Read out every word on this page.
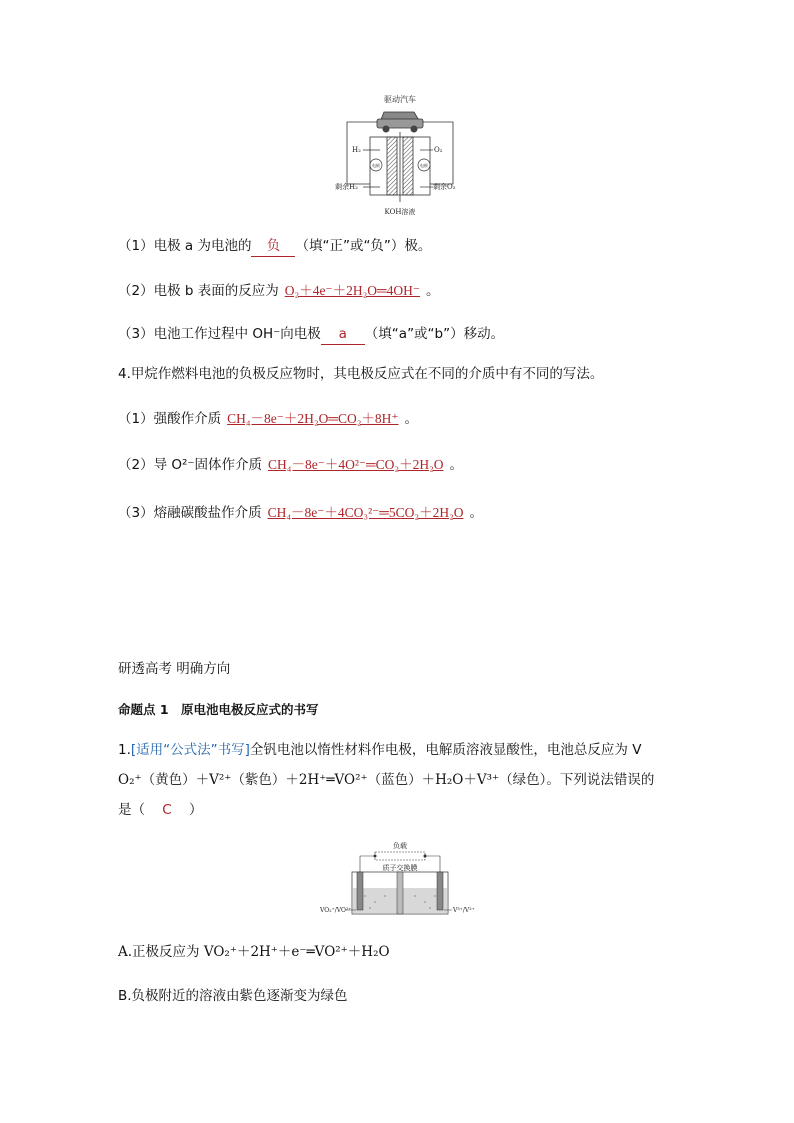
驱动汽车
电极	电极
H₂	O₂
剩余H₂	剩余O₂
KOH溶液
（1）电极 a 为电池的 负 （填“正”或“负”）极。
（2）电极 b 表面的反应为 O₂＋4e⁻＋2H₂O═4OH⁻ 。
（3）电池工作过程中 OH⁻向电极 a （填“a”或“b”）移动。
4.甲烷作燃料电池的负极反应物时，其电极反应式在不同的介质中有不同的写法。
（1）强酸作介质 CH₄－8e⁻＋2H₂O═CO₂＋8H⁺ 。
（2）导 O²⁻固体作介质 CH₄－8e⁻＋4O²⁻═CO₂＋2H₂O 。
（3）熔融碳酸盐作介质 CH₄－8e⁻＋4CO₃²⁻═5CO₂＋2H₂O 。
研透高考 明确方向
命题点 1　原电池电极反应式的书写
1.[适用“公式法”书写]全钒电池以惰性材料作电极，电解质溶液显酸性，电池总反应为 V
O₂⁺（黄色）＋V²⁺（紫色）＋2H⁺═VO²⁺（蓝色）＋H₂O＋V³⁺（绿色）。下列说法错误的
是（ C ）
负载
质子交换膜
VO₂⁺/VO²⁺	V³⁺/V²⁺
A.正极反应为 VO₂⁺＋2H⁺＋e⁻═VO²⁺＋H₂O
B.负极附近的溶液由紫色逐渐变为绿色
